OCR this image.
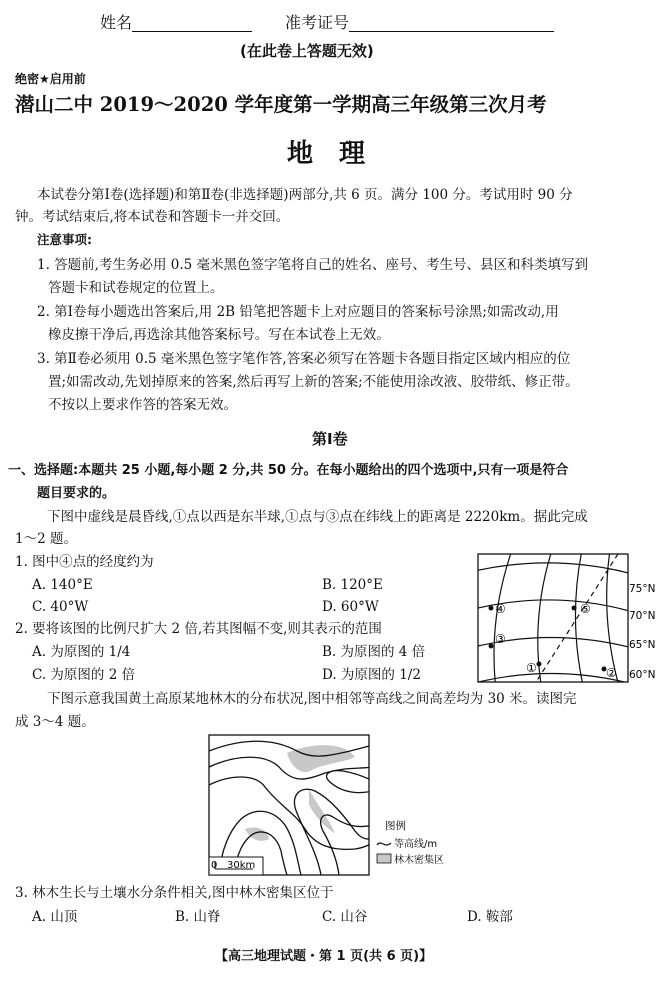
姓名	准考证号
(在此卷上答题无效)
绝密★启用前
潜山二中 2019～2020 学年度第一学期高三年级第三次月考
地　理
本试卷分第Ⅰ卷(选择题)和第Ⅱ卷(非选择题)两部分,共 6 页。满分 100 分。考试用时 90 分
钟。考试结束后,将本试卷和答题卡一并交回。
注意事项:
1. 答题前,考生务必用 0.5 毫米黑色签字笔将自己的姓名、座号、考生号、县区和科类填写到
答题卡和试卷规定的位置上。
2. 第Ⅰ卷每小题选出答案后,用 2B 铅笔把答题卡上对应题目的答案标号涂黑;如需改动,用
橡皮擦干净后,再选涂其他答案标号。写在本试卷上无效。
3. 第Ⅱ卷必须用 0.5 毫米黑色签字笔作答,答案必须写在答题卡各题目指定区域内相应的位
置;如需改动,先划掉原来的答案,然后再写上新的答案;不能使用涂改液、胶带纸、修正带。
不按以上要求作答的答案无效。
第Ⅰ卷
一、选择题:本题共 25 小题,每小题 2 分,共 50 分。在每小题给出的四个选项中,只有一项是符合
题目要求的。
下图中虚线是晨昏线,①点以西是东半球,①点与③点在纬线上的距离是 2220km。据此完成
1～2 题。
1. 图中④点的经度约为
A. 140°E	B. 120°E
C. 40°W	D. 60°W
2. 要将该图的比例尺扩大 2 倍,若其图幅不变,则其表示的范围
A. 为原图的 1/4	B. 为原图的 4 倍
C. 为原图的 2 倍	D. 为原图的 1/2	①	②
③
④	⑤
75°N
70°N
65°N
60°N
下图示意我国黄土高原某地林木的分布状况,图中相邻等高线之间高差均为 30 米。读图完
成 3～4 题。
0 30km
图例
等高线/m
林木密集区
3. 林木生长与土壤水分条件相关,图中林木密集区位于
A. 山顶	B. 山脊	C. 山谷	D. 鞍部
【高三地理试题・第 1 页(共 6 页)】
